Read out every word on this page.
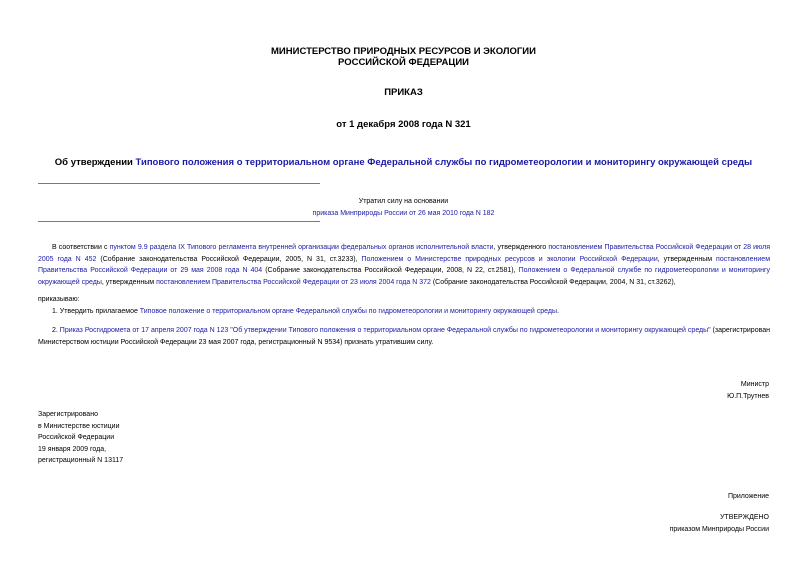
МИНИСТЕРСТВО ПРИРОДНЫХ РЕСУРСОВ И ЭКОЛОГИИ
РОССИЙСКОЙ ФЕДЕРАЦИИ
ПРИКАЗ
от 1 декабря 2008 года N 321
Об утверждении Типового положения о территориальном органе Федеральной службы по гидрометеорологии и мониторингу окружающей среды
Утратил силу на основании
приказа Минприроды России от 26 мая 2010 года N 182
В соответствии с пунктом 9.9 раздела IX Типового регламента внутренней организации федеральных органов исполнительной власти, утвержденного постановлением Правительства Российской Федерации от 28 июля 2005 года N 452 (Собрание законодательства Российской Федерации, 2005, N 31, ст.3233), Положением о Министерстве природных ресурсов и экологии Российской Федерации, утвержденным постановлением Правительства Российской Федерации от 29 мая 2008 года N 404 (Собрание законодательства Российской Федерации, 2008, N 22, ст.2581), Положением о Федеральной службе по гидрометеорологии и мониторингу окружающей среды, утвержденным постановлением Правительства Российской Федерации от 23 июля 2004 года N 372 (Собрание законодательства Российской Федерации, 2004, N 31, ст.3262),
приказываю:
1. Утвердить прилагаемое Типовое положение о территориальном органе Федеральной службы по гидрометеорологии и мониторингу окружающей среды.
2. Приказ Росгидромета от 17 апреля 2007 года N 123 "Об утверждении Типового положения о территориальном органе Федеральной службы по гидрометеорологии и мониторингу окружающей среды" (зарегистрирован Министерством юстиции Российской Федерации 23 мая 2007 года, регистрационный N 9534) признать утратившим силу.
Министр
Ю.П.Трутнев
Зарегистрировано
в Министерстве юстиции
Российской Федерации
19 января 2009 года,
регистрационный N 13117
Приложение
УТВЕРЖДЕНО
приказом Минприроды России
